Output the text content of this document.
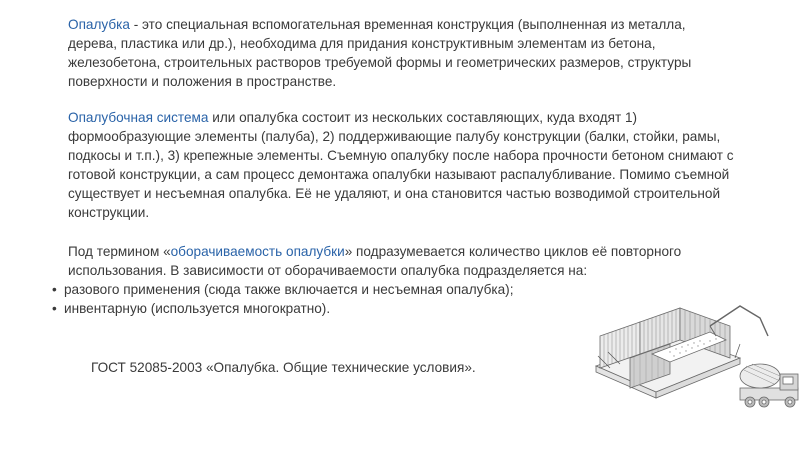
Опалубка - это специальная вспомогательная временная конструкция (выполненная из металла, дерева, пластика или др.), необходима для придания конструктивным элементам из бетона, железобетона, строительных растворов требуемой формы и геометрических размеров, структуры поверхности и положения в пространстве.

Опалубочная система или опалубка состоит из нескольких составляющих, куда входят 1) формообразующие элементы (палуба), 2) поддерживающие палубу конструкции (балки, стойки, рамы, подкосы и т.п.), 3) крепежные элементы. Съемную опалубку после набора прочности бетоном снимают с готовой конструкции, а сам процесс демонтажа опалубки называют распалубливание. Помимо съемной существует и несъемная опалубка. Её не удаляют, и она становится частью возводимой строительной конструкции.

Под термином «оборачиваемость опалубки» подразумевается количество циклов её повторного использования. В зависимости от оборачиваемости опалубка подразделяется на:

• разового применения (сюда также включается и несъемная опалубка);
• инвентарную (используется многократно).

ГОСТ 52085-2003 «Опалубка. Общие технические условия».
